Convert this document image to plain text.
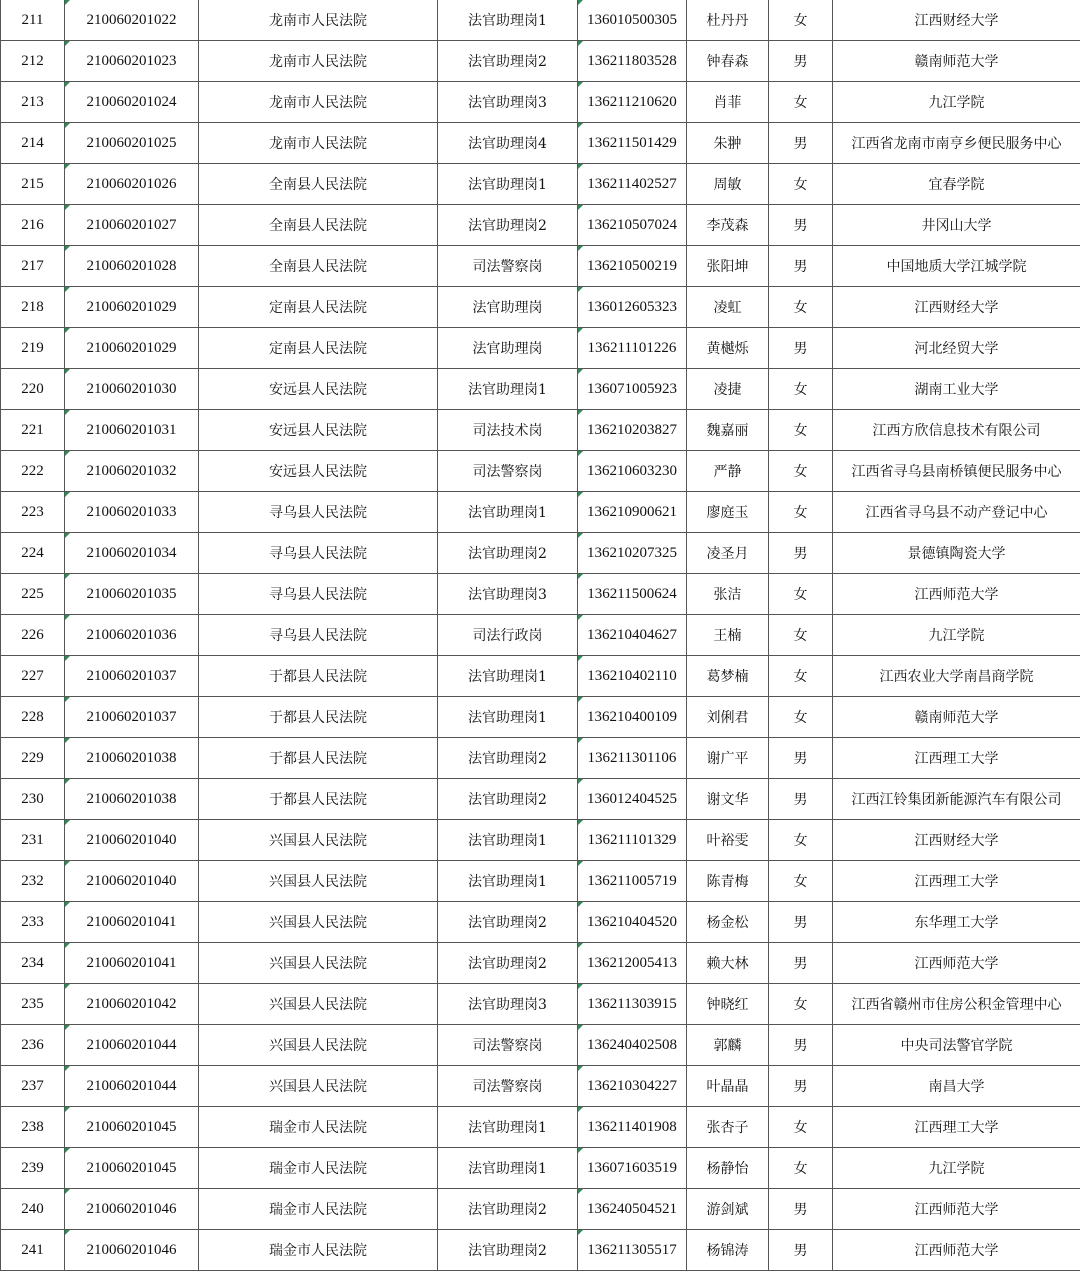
211	210060201022	龙南市人民法院	法官助理岗1	136010500305	杜丹丹	女	江西财经大学
212	210060201023	龙南市人民法院	法官助理岗2	136211803528	钟春森	男	赣南师范大学
213	210060201024	龙南市人民法院	法官助理岗3	136211210620	肖菲	女	九江学院
214	210060201025	龙南市人民法院	法官助理岗4	136211501429	朱翀	男	江西省龙南市南亨乡便民服务中心
215	210060201026	全南县人民法院	法官助理岗1	136211402527	周敏	女	宜春学院
216	210060201027	全南县人民法院	法官助理岗2	136210507024	李茂森	男	井冈山大学
217	210060201028	全南县人民法院	司法警察岗	136210500219	张阳坤	男	中国地质大学江城学院
218	210060201029	定南县人民法院	法官助理岗	136012605323	凌虹	女	江西财经大学
219	210060201029	定南县人民法院	法官助理岗	136211101226	黄樾烁	男	河北经贸大学
220	210060201030	安远县人民法院	法官助理岗1	136071005923	凌捷	女	湖南工业大学
221	210060201031	安远县人民法院	司法技术岗	136210203827	魏嘉丽	女	江西方欣信息技术有限公司
222	210060201032	安远县人民法院	司法警察岗	136210603230	严静	女	江西省寻乌县南桥镇便民服务中心
223	210060201033	寻乌县人民法院	法官助理岗1	136210900621	廖庭玉	女	江西省寻乌县不动产登记中心
224	210060201034	寻乌县人民法院	法官助理岗2	136210207325	凌圣月	男	景德镇陶瓷大学
225	210060201035	寻乌县人民法院	法官助理岗3	136211500624	张洁	女	江西师范大学
226	210060201036	寻乌县人民法院	司法行政岗	136210404627	王楠	女	九江学院
227	210060201037	于都县人民法院	法官助理岗1	136210402110	葛梦楠	女	江西农业大学南昌商学院
228	210060201037	于都县人民法院	法官助理岗1	136210400109	刘俐君	女	赣南师范大学
229	210060201038	于都县人民法院	法官助理岗2	136211301106	谢广平	男	江西理工大学
230	210060201038	于都县人民法院	法官助理岗2	136012404525	谢文华	男	江西江铃集团新能源汽车有限公司
231	210060201040	兴国县人民法院	法官助理岗1	136211101329	叶裕雯	女	江西财经大学
232	210060201040	兴国县人民法院	法官助理岗1	136211005719	陈青梅	女	江西理工大学
233	210060201041	兴国县人民法院	法官助理岗2	136210404520	杨金松	男	东华理工大学
234	210060201041	兴国县人民法院	法官助理岗2	136212005413	赖大林	男	江西师范大学
235	210060201042	兴国县人民法院	法官助理岗3	136211303915	钟晓红	女	江西省赣州市住房公积金管理中心
236	210060201044	兴国县人民法院	司法警察岗	136240402508	郭麟	男	中央司法警官学院
237	210060201044	兴国县人民法院	司法警察岗	136210304227	叶晶晶	男	南昌大学
238	210060201045	瑞金市人民法院	法官助理岗1	136211401908	张杏子	女	江西理工大学
239	210060201045	瑞金市人民法院	法官助理岗1	136071603519	杨静怡	女	九江学院
240	210060201046	瑞金市人民法院	法官助理岗2	136240504521	游剑斌	男	江西师范大学
241	210060201046	瑞金市人民法院	法官助理岗2	136211305517	杨锦涛	男	江西师范大学
